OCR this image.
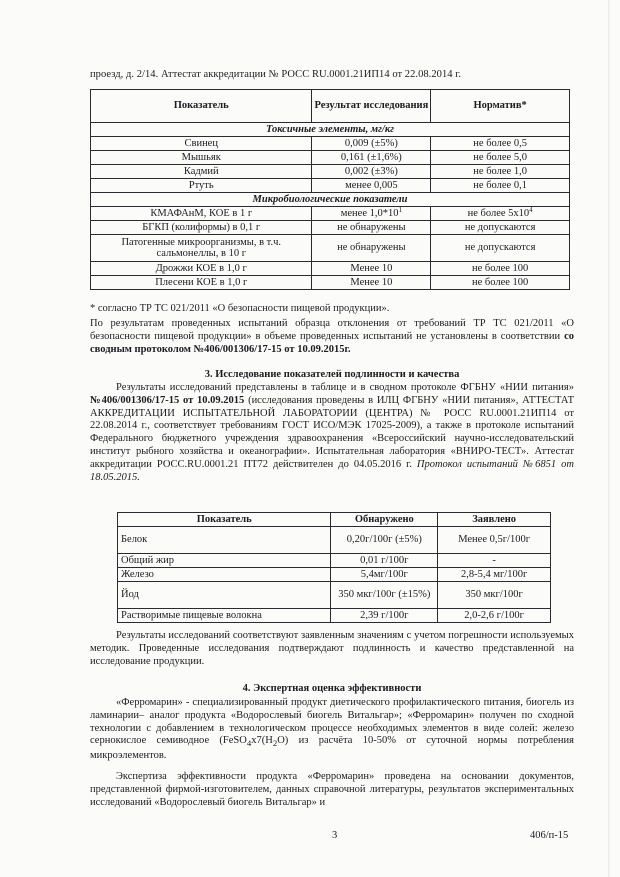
проезд, д. 2/14. Аттестат аккредитации № РОСС RU.0001.21ИП14 от 22.08.2014 г.
Показатель	Результат исследования	Норматив*
Токсичные элементы, мг/кг		
Свинец	0,009 (±5%)	не более 0,5
Мышьяк	0,161 (±1,6%)	не более 5,0
Кадмий	0,002 (±3%)	не более 1,0
Ртуть	менее 0,005	не более 0,1
Микробиологические показатели		
КМАФАнМ, КОЕ в 1 г	менее $1,0*10^1$	не более $5х10^4$
БГКП (колиформы) в 0,1 г	не обнаружены	не допускаются
Патогенные микроорганизмы, в т.ч. сальмонеллы, в 10 г	не обнаружены	не допускаются
Дрожжи КОЕ в 1,0 г	Менее 10	не более 100
Плесени КОЕ в 1,0 г	Менее 10	не более 100
* согласно ТР ТС 021/2011 «О безопасности пищевой продукции».
По результатам проведенных испытаний образца отклонения от требований ТР ТС 021/2011 «О безопасности пищевой продукции» в объеме проведенных испытаний не установлены в соответствии со сводным протоколом №406/001306/17-15 от 10.09.2015г.
3. Исследование показателей подлинности и качества
Результаты исследований представлены в таблице и в сводном протоколе ФГБНУ «НИИ питания» №406/001306/17-15 от 10.09.2015 (исследования проведены в ИЛЦ ФГБНУ «НИИ питания», АТТЕСТАТ АККРЕДИТАЦИИ ИСПЫТАТЕЛЬНОЙ ЛАБОРАТОРИИ (ЦЕНТРА) № РОСС RU.0001.21ИП14 от 22.08.2014 г., соответствует требованиям ГОСТ ИСО/МЭК 17025-2009), а также в протоколе испытаний Федерального бюджетного учреждения здравоохранения «Всероссийский научно-исследовательский институт рыбного хозяйства и океанографии». Испытательная лаборатория «ВНИРО-ТЕСТ». Аттестат аккредитации РОСС.RU.0001.21 ПТ72 действителен до 04.05.2016 г. Протокол испытаний №6851 от 18.05.2015.
Показатель	Обнаружено	Заявлено
Белок	0,20г/100г (±5%)	Менее 0,5г/100г
Общий жир	0,01 г/100г	-
Железо	5,4мг/100г	2,8-5,4 мг/100г
Йод	350 мкг/100г (±15%)	350 мкг/100г
Растворимые пищевые волокна	2,39 г/100г	2,0-2,6 г/100г
Результаты исследований соответствуют заявленным значениям с учетом погрешности используемых методик. Проведенные исследования подтверждают подлинность и качество представленной на исследование продукции.
4. Экспертная оценка эффективности
«Ферромарин» - специализированный продукт диетического профилактического питания, биогель из ламинарии– аналог продукта «Водорослевый биогель Витальгар»; «Ферромарин» получен по сходной технологии с добавлением в технологическом процессе необходимых элементов в виде солей: железо сернокислое семиводное ($FeSO_4x7(H_2O)$ из расчёта 10-50% от суточной нормы потребления микроэлементов.
Экспертиза эффективности продукта «Ферромарин» проведена на основании документов, представленной фирмой-изготовителем, данных справочной литературы, результатов экспериментальных исследований «Водорослевый биогель Витальгар» и
3	406/п-15
